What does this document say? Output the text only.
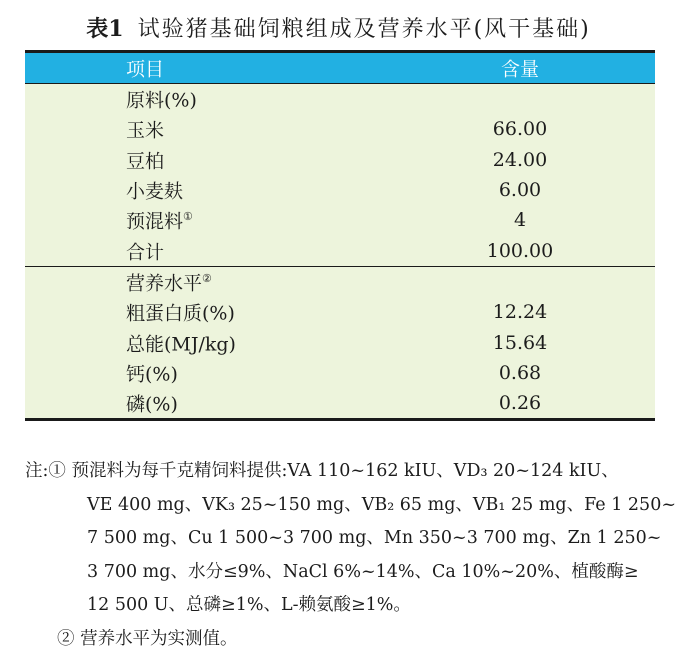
表1 试验猪基础饲粮组成及营养水平(风干基础)
项目	含量
原料(%)
玉米	66.00
豆柏	24.00
小麦麸	6.00
预混料①	4
合计	100.00
营养水平②
粗蛋白质(%)	12.24
总能(MJ/kg)	15.64
钙(%)	0.68
磷(%)	0.26
注:① 预混料为每千克精饲料提供:VA 110~162 kIU、VD₃ 20~124 kIU、
VE 400 mg、VK₃ 25~150 mg、VB₂ 65 mg、VB₁ 25 mg、Fe 1 250~
7 500 mg、Cu 1 500~3 700 mg、Mn 350~3 700 mg、Zn 1 250~
3 700 mg、水分≤9%、NaCl 6%~14%、Ca 10%~20%、植酸酶≥
12 500 U、总磷≥1%、L-赖氨酸≥1%。
② 营养水平为实测值。
